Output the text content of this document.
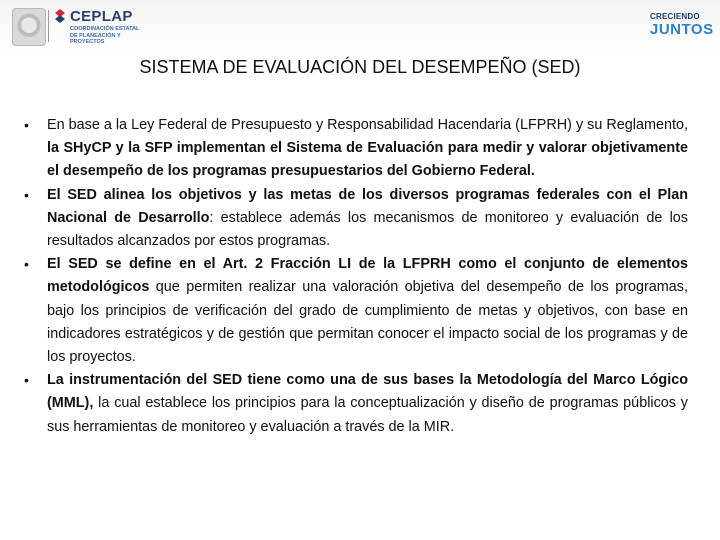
CEPLAP
COORDINACIÓN ESTATAL DE PLANEACIÓN Y PROYECTOS
CRECIENDO
JUNTOS
SISTEMA DE EVALUACIÓN DEL DESEMPEÑO (SED)
• En base a la Ley Federal de Presupuesto y Responsabilidad Hacendaria (LFPRH) y su Reglamento, la SHyCP y la SFP implementan el Sistema de Evaluación para medir y valorar objetivamente el desempeño de los programas presupuestarios del Gobierno Federal.
• El SED alinea los objetivos y las metas de los diversos programas federales con el Plan Nacional de Desarrollo: establece además los mecanismos de monitoreo y evaluación de los resultados alcanzados por estos programas.
• El SED se define en el Art. 2 Fracción LI de la LFPRH como el conjunto de elementos metodológicos que permiten realizar una valoración objetiva del desempeño de los programas, bajo los principios de verificación del grado de cumplimiento de metas y objetivos, con base en indicadores estratégicos y de gestión que permitan conocer el impacto social de los programas y de los proyectos.
• La instrumentación del SED tiene como una de sus bases la Metodología del Marco Lógico (MML), la cual establece los principios para la conceptualización y diseño de programas públicos y sus herramientas de monitoreo y evaluación a través de la MIR.
